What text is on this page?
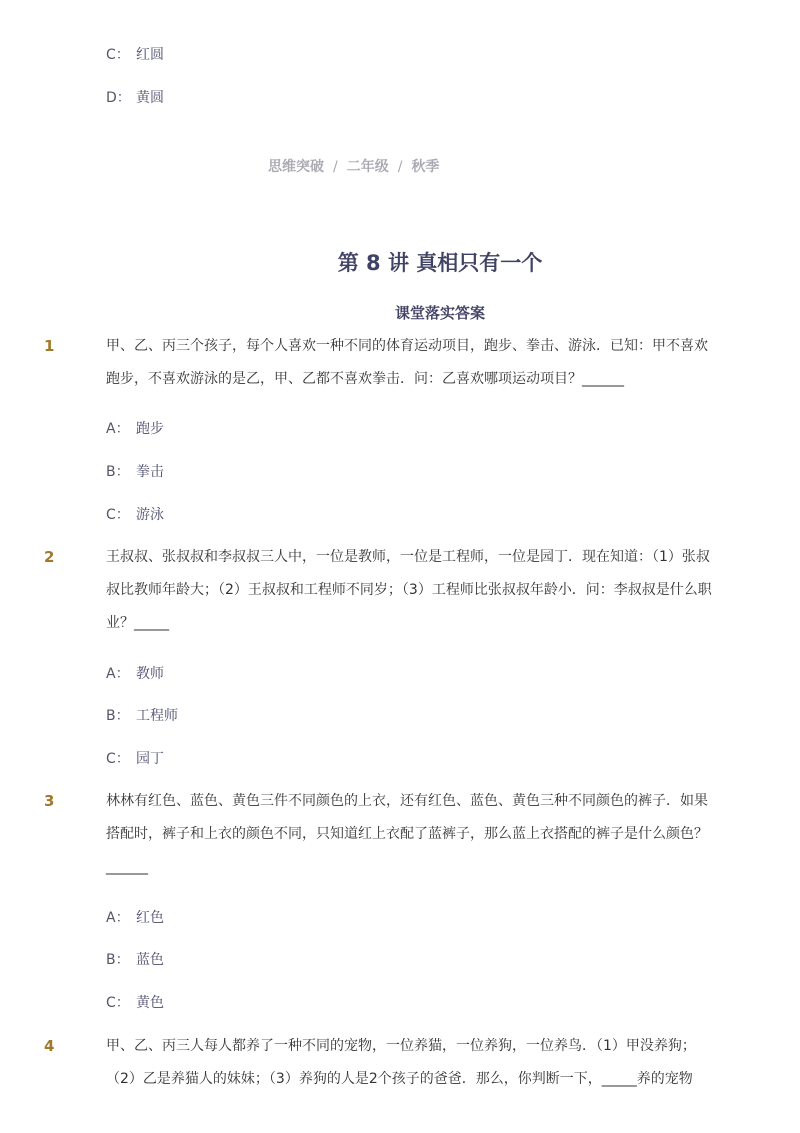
C： 红圆
D： 黄圆
思维突破 / 二年级 / 秋季
第 8 讲 真相只有一个
课堂落实答案
1	甲、乙、丙三个孩子，每个人喜欢一种不同的体育运动项目，跑步、拳击、游泳．已知：甲不喜欢跑步，不喜欢游泳的是乙，甲、乙都不喜欢拳击．问：乙喜欢哪项运动项目？______
A： 跑步
B： 拳击
C： 游泳
2	王叔叔、张叔叔和李叔叔三人中，一位是教师，一位是工程师，一位是园丁．现在知道：（1）张叔叔比教师年龄大；（2）王叔叔和工程师不同岁；（3）工程师比张叔叔年龄小．问：李叔叔是什么职业？_____
A： 教师
B： 工程师
C： 园丁
3	林林有红色、蓝色、黄色三件不同颜色的上衣，还有红色、蓝色、黄色三种不同颜色的裤子．如果搭配时，裤子和上衣的颜色不同，只知道红上衣配了蓝裤子，那么蓝上衣搭配的裤子是什么颜色？______
A： 红色
B： 蓝色
C： 黄色
4	甲、乙、丙三人每人都养了一种不同的宠物，一位养猫，一位养狗，一位养鸟．（1）甲没养狗；（2）乙是养猫人的妹妹；（3）养狗的人是2个孩子的爸爸．那么，你判断一下，_____养的宠物
